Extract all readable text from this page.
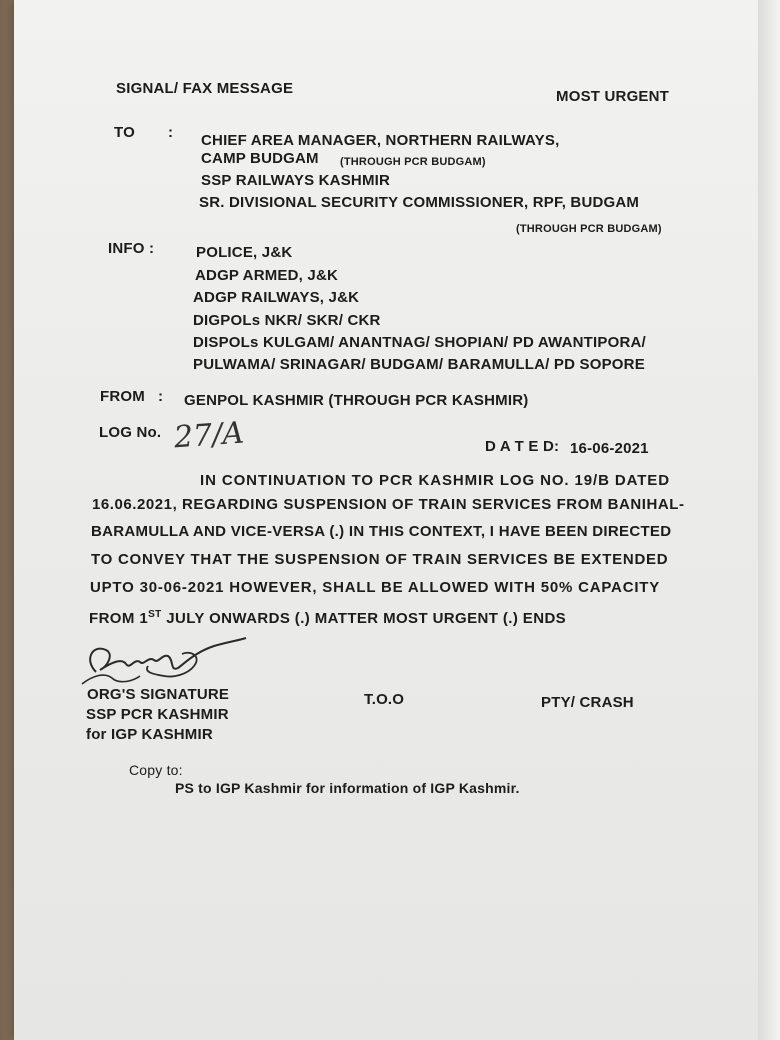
SIGNAL/ FAX MESSAGE	MOST URGENT
TO : CHIEF AREA MANAGER, NORTHERN RAILWAYS,
CAMP BUDGAM (THROUGH PCR BUDGAM)
SSP RAILWAYS KASHMIR
SR. DIVISIONAL SECURITY COMMISSIONER, RPF, BUDGAM
(THROUGH PCR BUDGAM)
INFO :	POLICE, J&K
ADGP ARMED, J&K
ADGP RAILWAYS, J&K
DIGPOLs NKR/ SKR/ CKR
DISPOLs KULGAM/ ANANTNAG/ SHOPIAN/ PD AWANTIPORA/
PULWAMA/ SRINAGAR/ BUDGAM/ BARAMULLA/ PD SOPORE
FROM : GENPOL KASHMIR (THROUGH PCR KASHMIR)
LOG No. 27/A	D A T E D: 16-06-2021
IN CONTINUATION TO PCR KASHMIR LOG NO. 19/B DATED
16.06.2021, REGARDING SUSPENSION OF TRAIN SERVICES FROM BANIHAL-
BARAMULLA AND VICE-VERSA (.) IN THIS CONTEXT, I HAVE BEEN DIRECTED
TO CONVEY THAT THE SUSPENSION OF TRAIN SERVICES BE EXTENDED
UPTO 30-06-2021 HOWEVER, SHALL BE ALLOWED WITH 50% CAPACITY
FROM 1ST JULY ONWARDS (.) MATTER MOST URGENT (.) ENDS
ORG'S SIGNATURE
SSP PCR KASHMIR
for IGP KASHMIR
T.O.O	PTY/ CRASH
Copy to:
PS to IGP Kashmir for information of IGP Kashmir.
